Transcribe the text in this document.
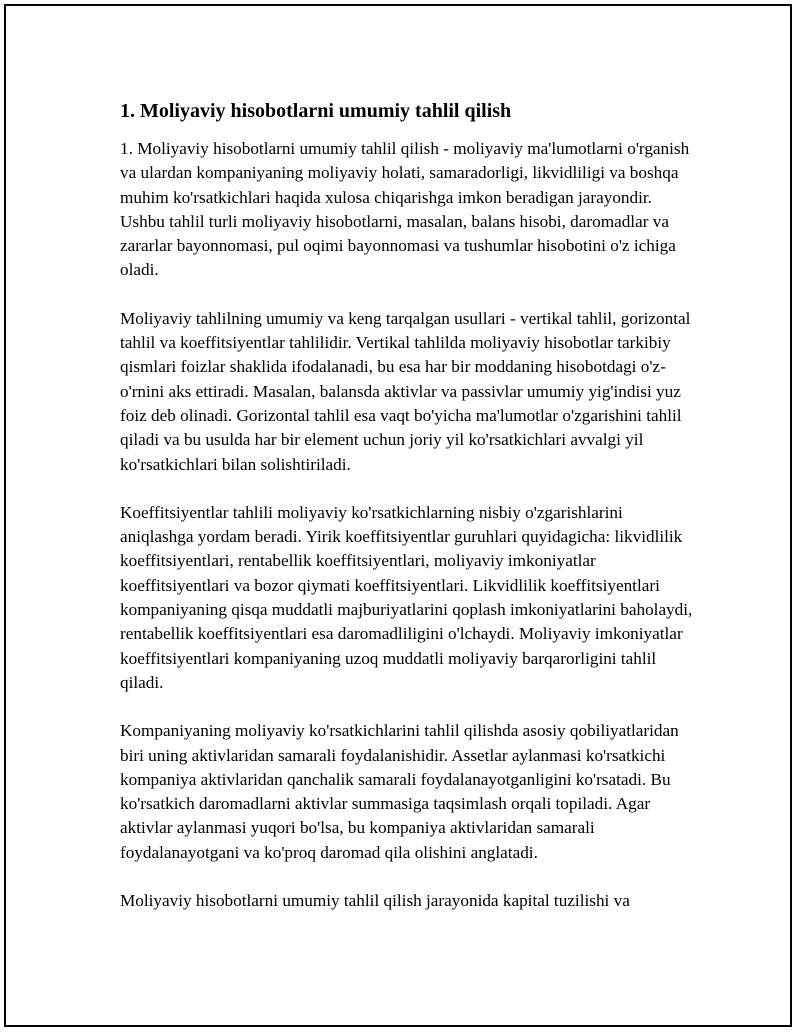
1. Moliyaviy hisobotlarni umumiy tahlil qilish

1. Moliyaviy hisobotlarni umumiy tahlil qilish - moliyaviy ma'lumotlarni o'rganish va ulardan kompaniyaning moliyaviy holati, samaradorligi, likvidliligi va boshqa muhim ko'rsatkichlari haqida xulosa chiqarishga imkon beradigan jarayondir. Ushbu tahlil turli moliyaviy hisobotlarni, masalan, balans hisobi, daromadlar va zararlar bayonnomasi, pul oqimi bayonnomasi va tushumlar hisobotini o'z ichiga oladi.

Moliyaviy tahlilning umumiy va keng tarqalgan usullari - vertikal tahlil, gorizontal tahlil va koeffitsiyentlar tahlilidir. Vertikal tahlilda moliyaviy hisobotlar tarkibiy qismlari foizlar shaklida ifodalanadi, bu esa har bir moddaning hisobotdagi o'z-o'rnini aks ettiradi. Masalan, balansda aktivlar va passivlar umumiy yig'indisi yuz foiz deb olinadi. Gorizontal tahlil esa vaqt bo'yicha ma'lumotlar o'zgarishini tahlil qiladi va bu usulda har bir element uchun joriy yil ko'rsatkichlari avvalgi yil ko'rsatkichlari bilan solishtiriladi.

Koeffitsiyentlar tahlili moliyaviy ko'rsatkichlarning nisbiy o'zgarishlarini aniqlashga yordam beradi. Yirik koeffitsiyentlar guruhlari quyidagicha: likvidlilik koeffitsiyentlari, rentabellik koeffitsiyentlari, moliyaviy imkoniyatlar koeffitsiyentlari va bozor qiymati koeffitsiyentlari. Likvidlilik koeffitsiyentlari kompaniyaning qisqa muddatli majburiyatlarini qoplash imkoniyatlarini baholaydi, rentabellik koeffitsiyentlari esa daromadliligini o'lchaydi. Moliyaviy imkoniyatlar koeffitsiyentlari kompaniyaning uzoq muddatli moliyaviy barqarorligini tahlil qiladi.

Kompaniyaning moliyaviy ko'rsatkichlarini tahlil qilishda asosiy qobiliyatlaridan biri uning aktivlaridan samarali foydalanishidir. Assetlar aylanmasi ko'rsatkichi kompaniya aktivlaridan qanchalik samarali foydalanayotganligini ko'rsatadi. Bu ko'rsatkich daromadlarni aktivlar summasiga taqsimlash orqali topiladi. Agar aktivlar aylanmasi yuqori bo'lsa, bu kompaniya aktivlaridan samarali foydalanayotgani va ko'proq daromad qila olishini anglatadi.

Moliyaviy hisobotlarni umumiy tahlil qilish jarayonida kapital tuzilishi va
